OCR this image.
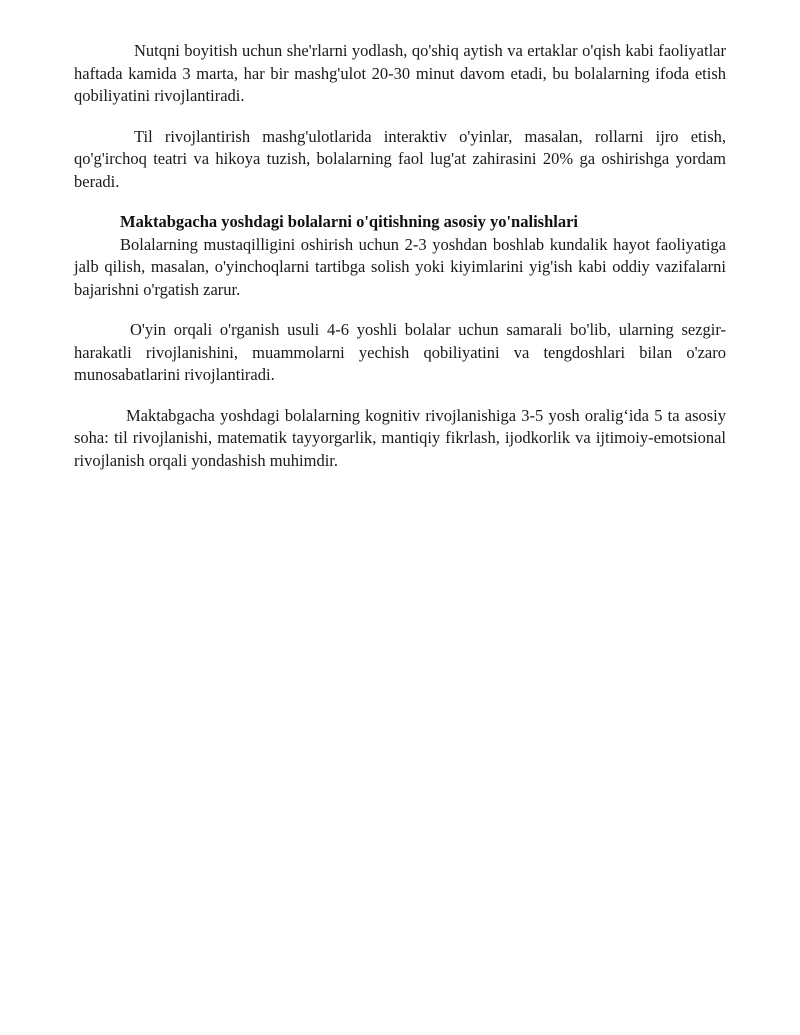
Nutqni boyitish uchun she'rlarni yodlash, qo'shiq aytish va ertaklar o'qish kabi faoliyatlar haftada kamida 3 marta, har bir mashg'ulot 20-30 minut davom etadi, bu bolalarning ifoda etish qobiliyatini rivojlantiradi.

Til rivojlantirish mashg'ulotlarida interaktiv o'yinlar, masalan, rollarni ijro etish, qo'g'irchoq teatri va hikoya tuzish, bolalarning faol lug'at zahirasini 20% ga oshirishga yordam beradi.

Maktabgacha yoshdagi bolalarni o'qitishning asosiy yo'nalishlari

Bolalarning mustaqilligini oshirish uchun 2-3 yoshdan boshlab kundalik hayot faoliyatiga jalb qilish, masalan, o'yinchoqlarni tartibga solish yoki kiyimlarini yig'ish kabi oddiy vazifalarni bajarishni o'rgatish zarur.

O'yin orqali o'rganish usuli 4-6 yoshli bolalar uchun samarali bo'lib, ularning sezgir-harakatli rivojlanishini, muammolarni yechish qobiliyatini va tengdoshlari bilan o'zaro munosabatlarini rivojlantiradi.

Maktabgacha yoshdagi bolalarning kognitiv rivojlanishiga 3-5 yosh oralig‘ida 5 ta asosiy soha: til rivojlanishi, matematik tayyorgarlik, mantiqiy fikrlash, ijodkorlik va ijtimoiy-emotsional rivojlanish orqali yondashish muhimdir.
